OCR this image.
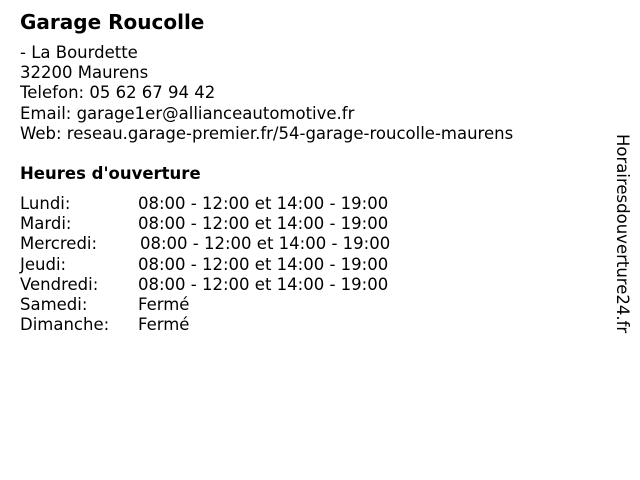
Garage Roucolle
- La Bourdette
32200 Maurens
Telefon: 05 62 67 94 42
Email: garage1er@allianceautomotive.fr
Web: reseau.garage-premier.fr/54-garage-roucolle-maurens
Heures d'ouverture
Lundi:	08:00 - 12:00 et 14:00 - 19:00
Mardi:	08:00 - 12:00 et 14:00 - 19:00
Mercredi:	08:00 - 12:00 et 14:00 - 19:00
Jeudi:	08:00 - 12:00 et 14:00 - 19:00
Vendredi: 08:00 - 12:00 et 14:00 - 19:00
Samedi:	Fermé
Dimanche: Fermé	Horairesdouverture24.fr
